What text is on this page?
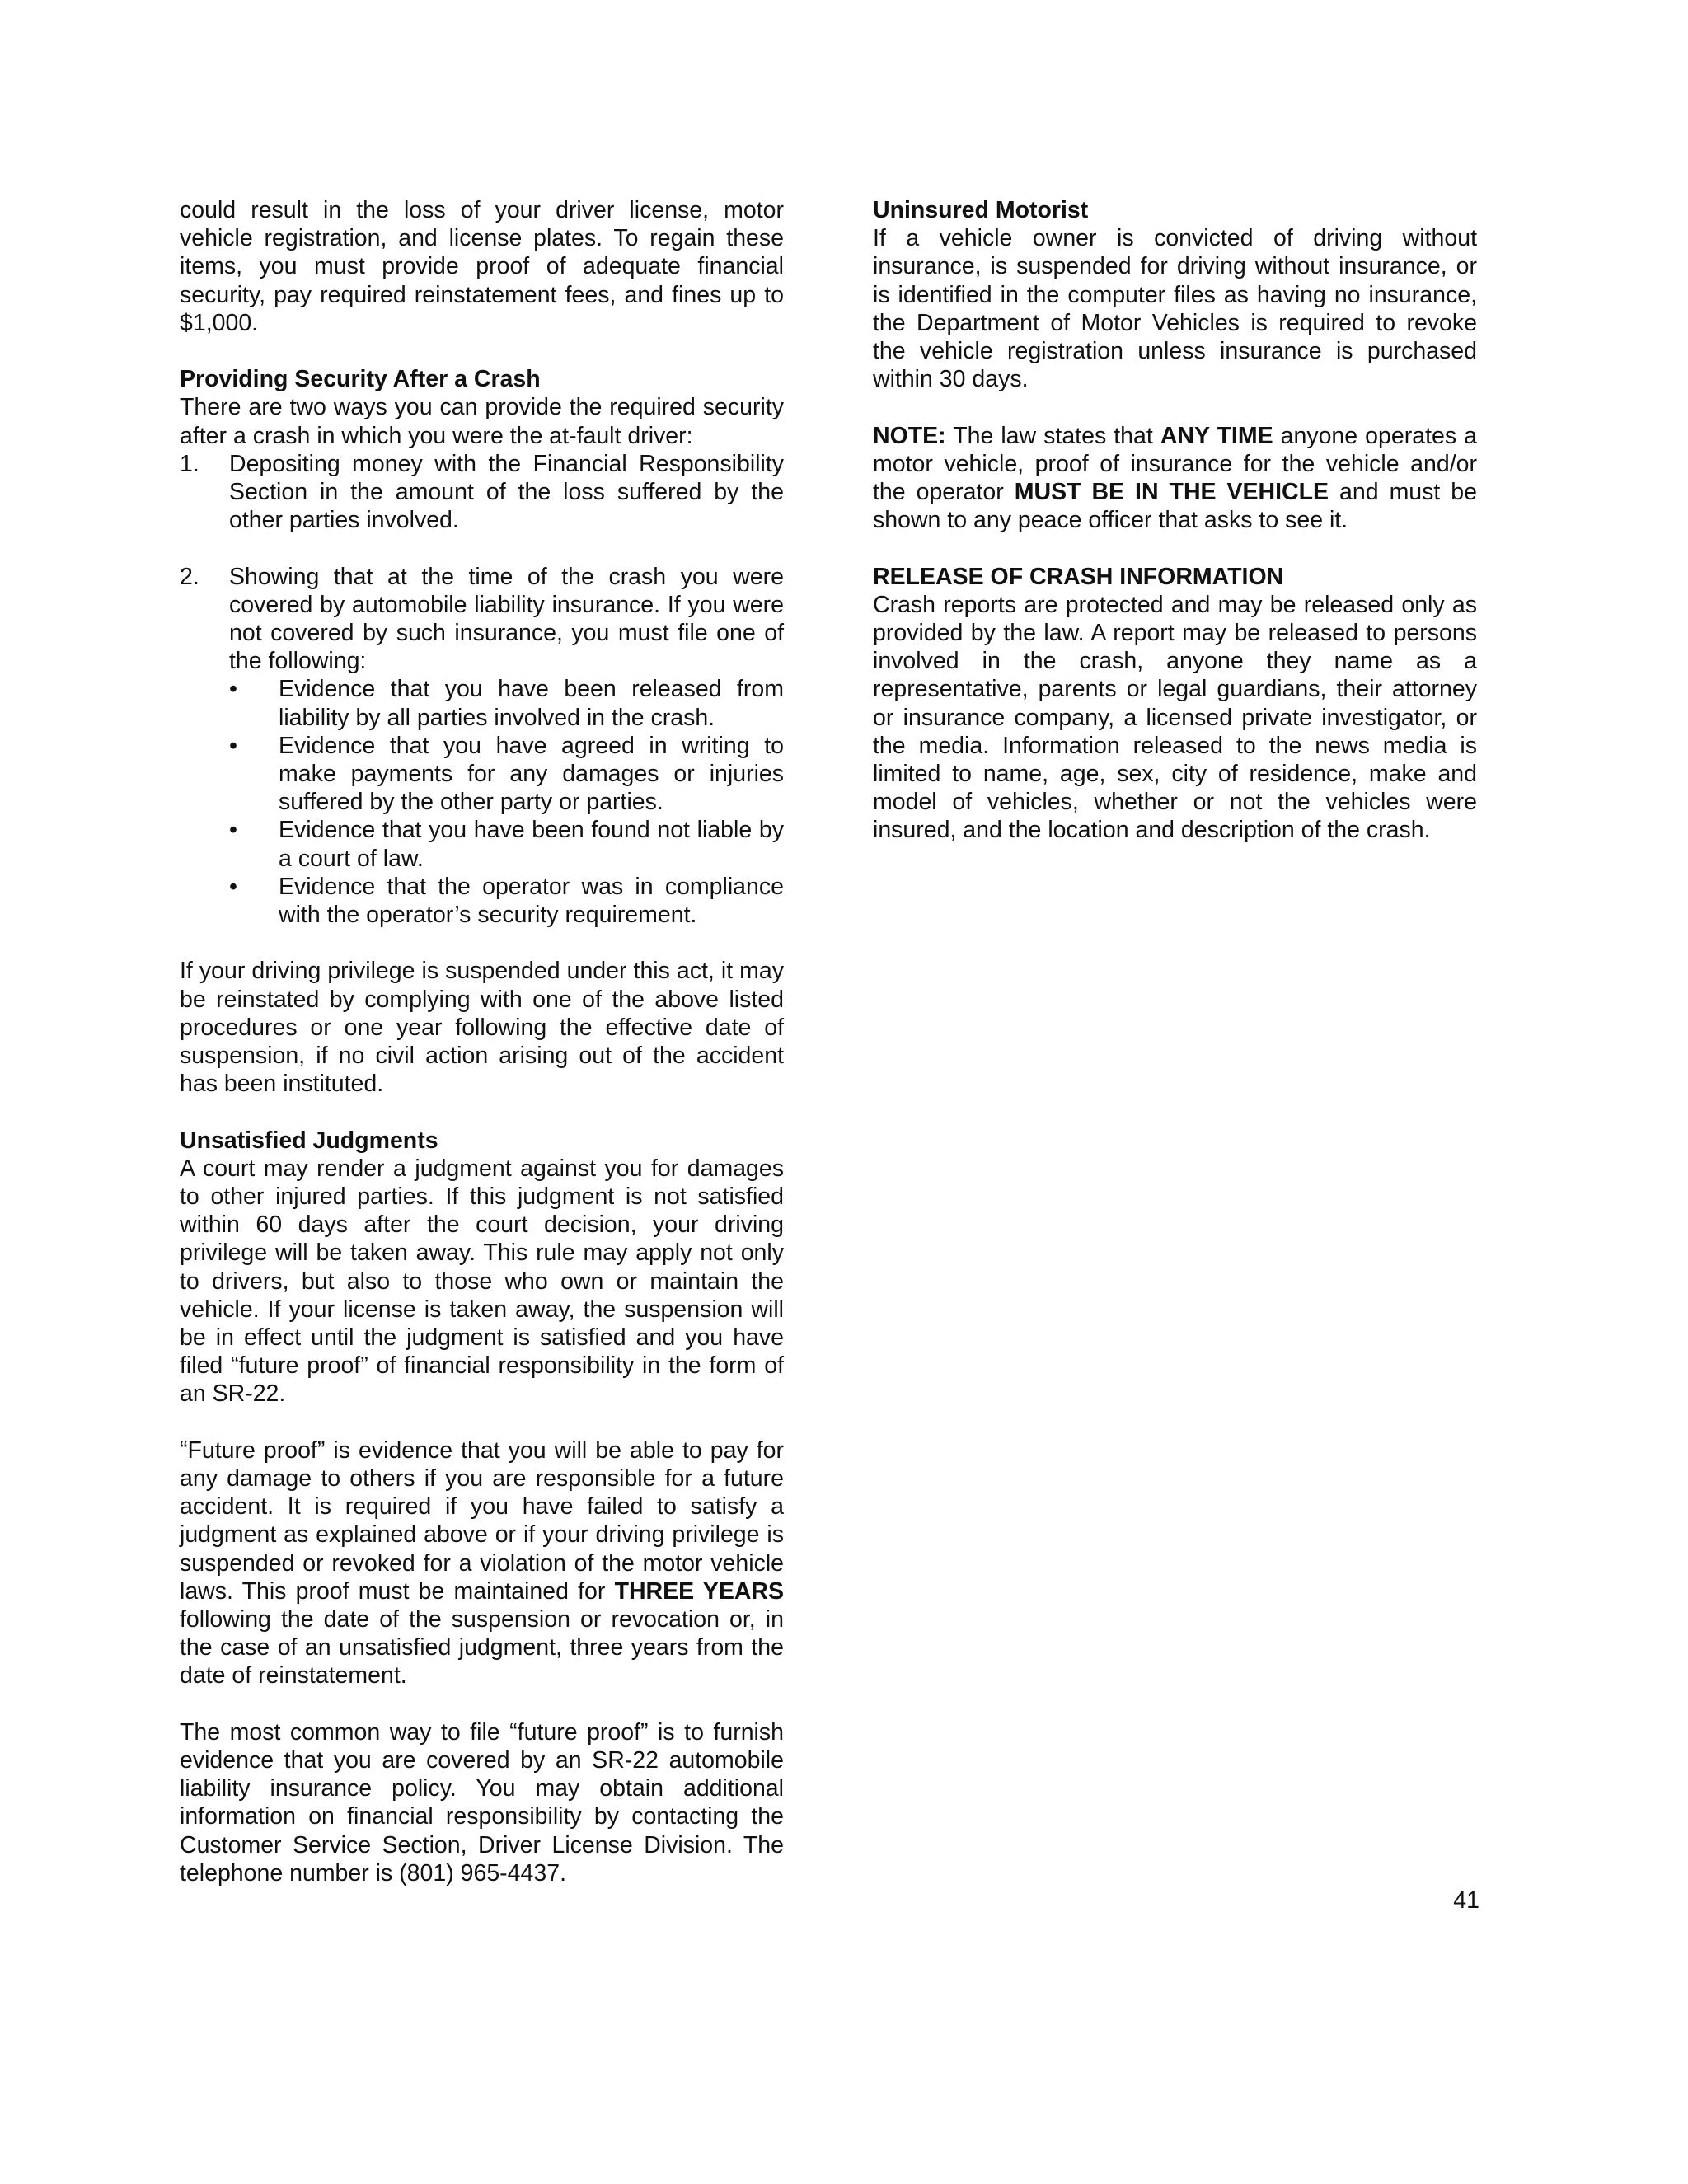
could result in the loss of your driver license, motor vehicle registration, and license plates. To regain these items, you must provide proof of adequate financial security, pay required reinstatement fees, and fines up to $1,000.

Providing Security After a Crash

There are two ways you can provide the required security after a crash in which you were the at-fault driver:

1.	Depositing money with the Financial Responsibility Section in the amount of the loss suffered by the other parties involved.
2.	Showing that at the time of the crash you were covered by automobile liability insurance. If you were not covered by such insurance, you must file one of the following:
•	Evidence that you have been released from liability by all parties involved in the crash.
•	Evidence that you have agreed in writing to make payments for any damages or injuries suffered by the other party or parties.
•	Evidence that you have been found not liable by a court of law.
•	Evidence that the operator was in compliance with the operator’s security requirement.

If your driving privilege is suspended under this act, it may be reinstated by complying with one of the above listed procedures or one year following the effective date of suspension, if no civil action arising out of the accident has been instituted.

Unsatisfied Judgments

A court may render a judgment against you for damages to other injured parties. If this judgment is not satisfied within 60 days after the court decision, your driving privilege will be taken away. This rule may apply not only to drivers, but also to those who own or maintain the vehicle. If your license is taken away, the suspension will be in effect until the judgment is satisfied and you have filed “future proof” of financial responsibility in the form of an SR-22.

“Future proof” is evidence that you will be able to pay for any damage to others if you are responsible for a future accident. It is required if you have failed to satisfy a judgment as explained above or if your driving privilege is suspended or revoked for a violation of the motor vehicle laws. This proof must be maintained for THREE YEARS following the date of the suspension or revocation or, in the case of an unsatisfied judgment, three years from the date of reinstatement.

The most common way to file “future proof” is to furnish evidence that you are covered by an SR-22 automobile liability insurance policy. You may obtain additional information on financial responsibility by contacting the Customer Service Section, Driver License Division. The telephone number is (801) 965-4437.

Uninsured Motorist

If a vehicle owner is convicted of driving without insurance, is suspended for driving without insurance, or is identified in the computer files as having no insurance, the Department of Motor Vehicles is required to revoke the vehicle registration unless insurance is purchased within 30 days.

NOTE: The law states that ANY TIME anyone operates a motor vehicle, proof of insurance for the vehicle and/or the operator MUST BE IN THE VEHICLE and must be shown to any peace officer that asks to see it.

RELEASE OF CRASH INFORMATION

Crash reports are protected and may be released only as provided by the law. A report may be released to persons involved in the crash, anyone they name as a representative, parents or legal guardians, their attorney or insurance company, a licensed private investigator, or the media. Information released to the news media is limited to name, age, sex, city of residence, make and model of vehicles, whether or not the vehicles were insured, and the location and description of the crash.

41
